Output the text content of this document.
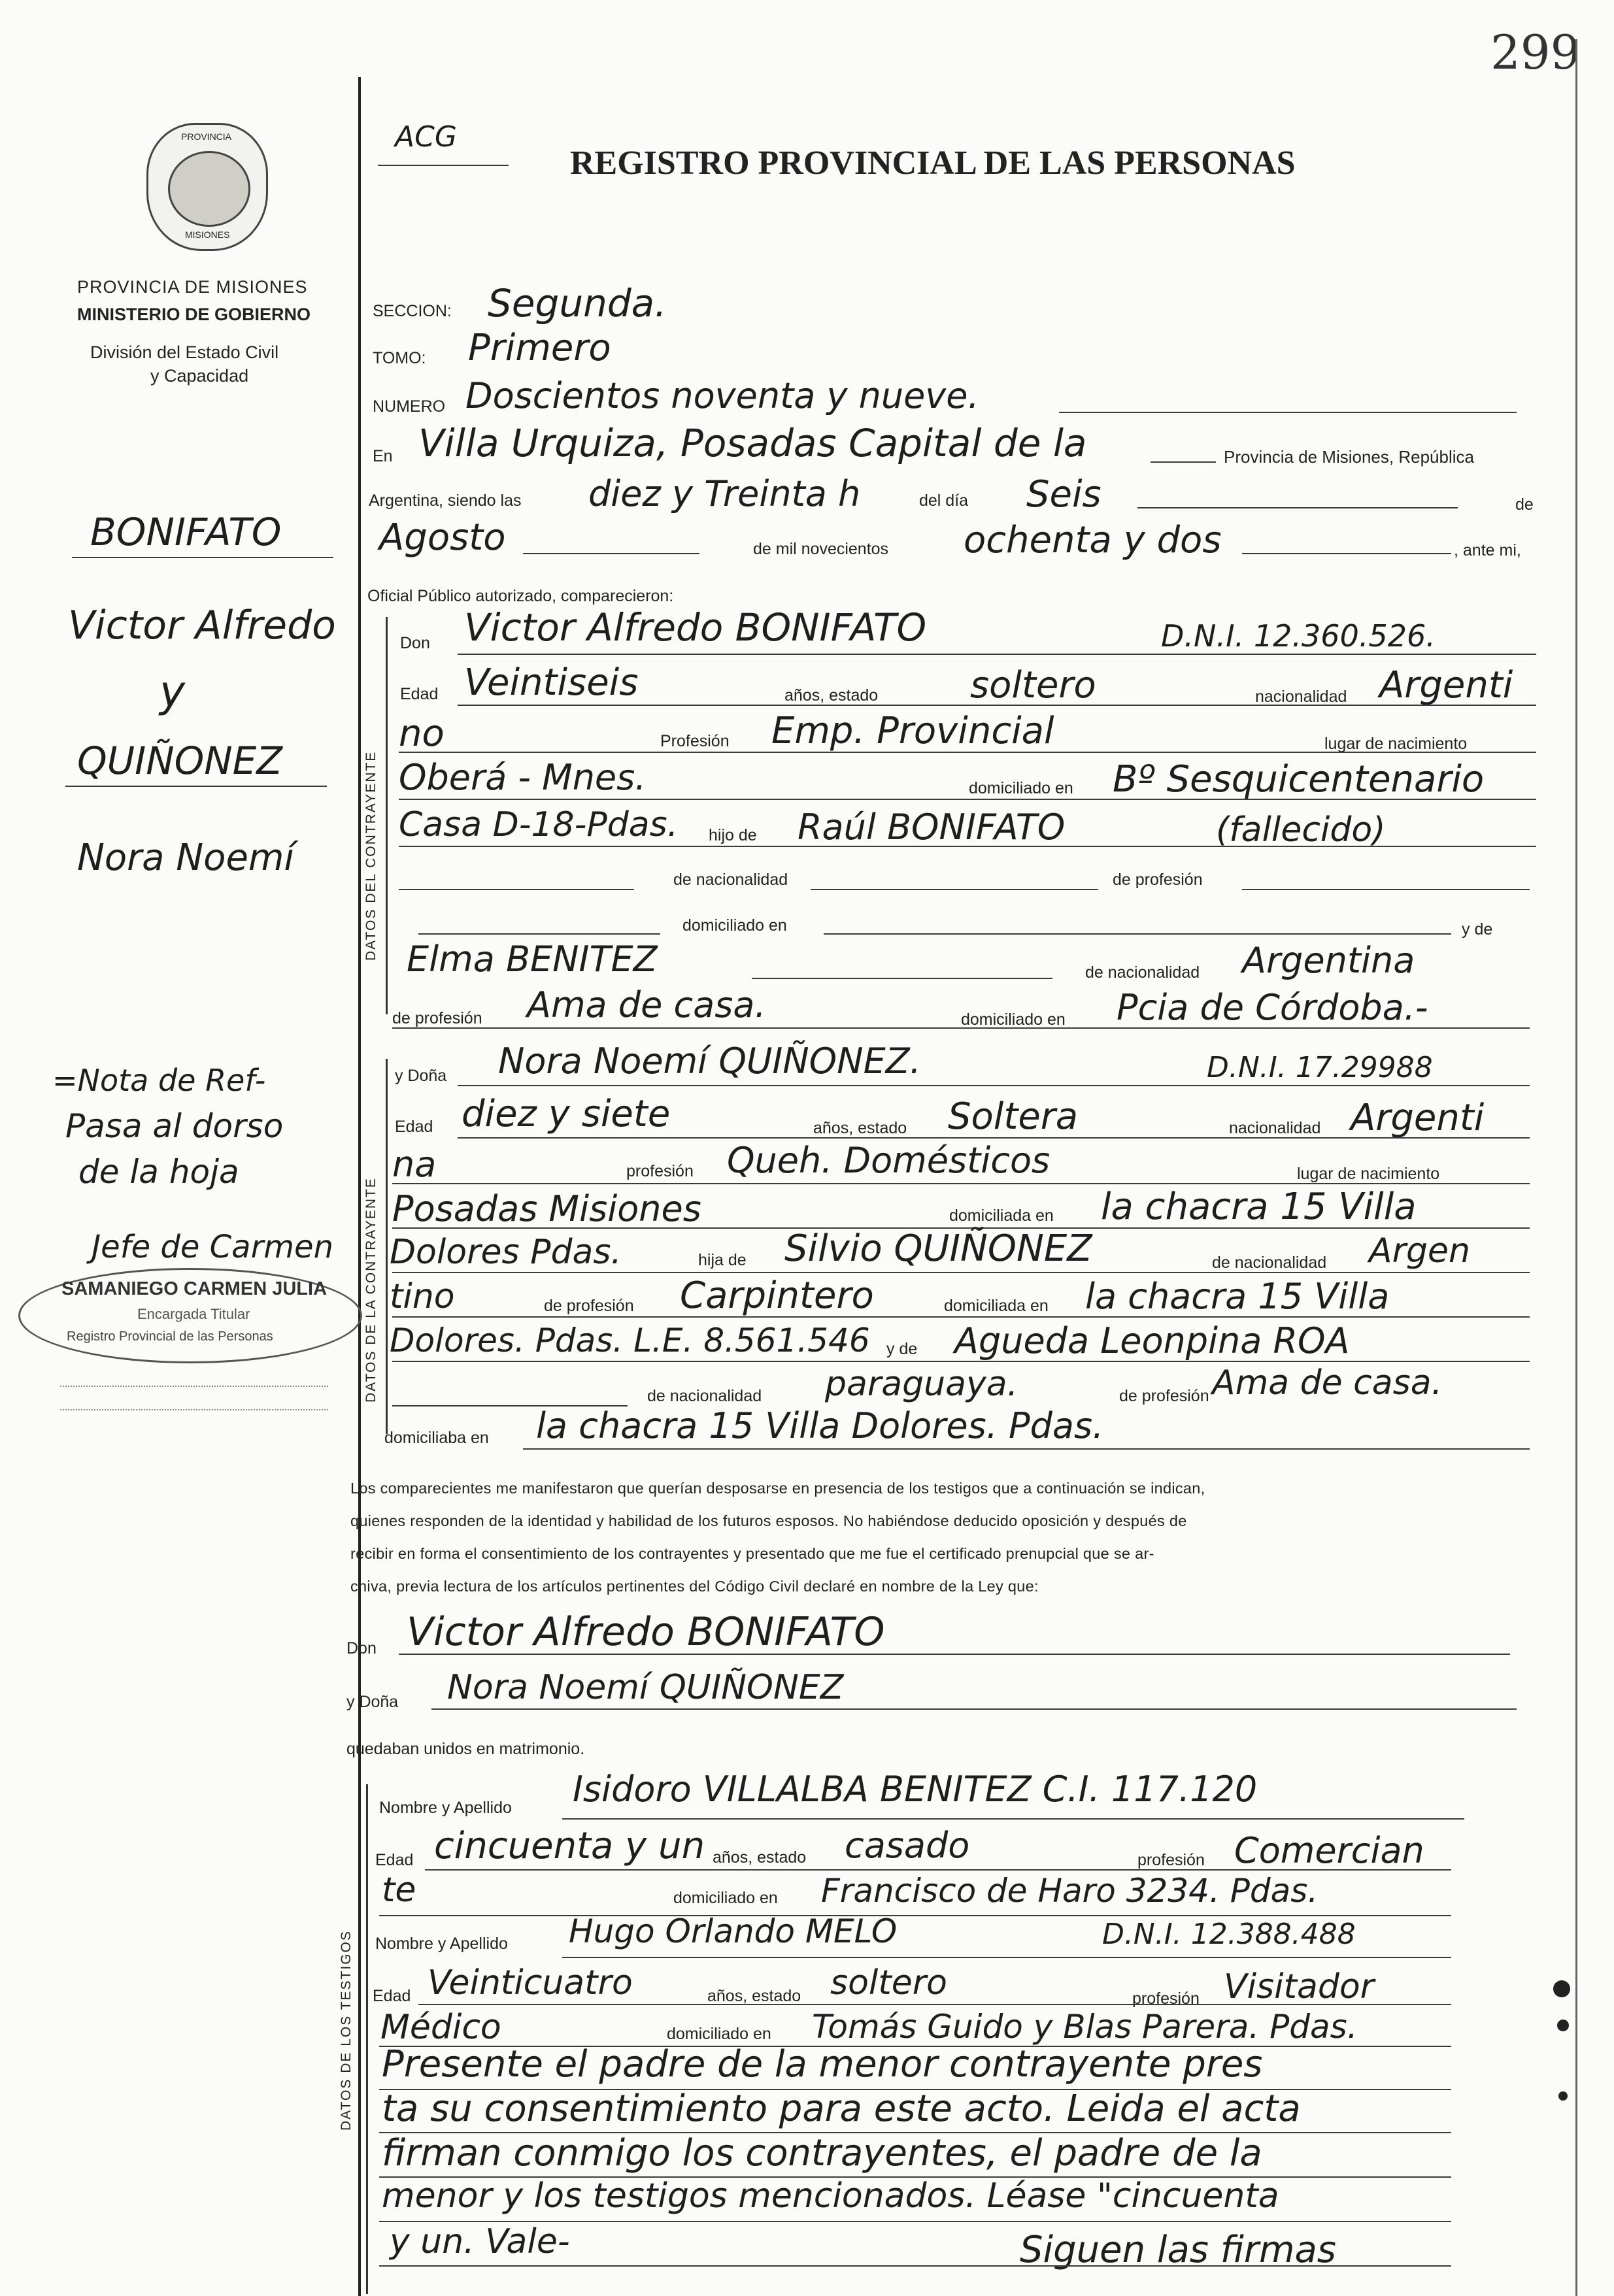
299
ACG
REGISTRO PROVINCIAL DE LAS PERSONAS
PROVINCIA
MISIONES
PROVINCIA DE MISIONES
MINISTERIO DE GOBIERNO
División del Estado Civil
y Capacidad
BONIFATO
Victor Alfredo
y
QUIÑONEZ
Nora Noemí
=Nota de Ref-
Pasa al dorso
de la hoja
Jefe de Carmen
SAMANIEGO CARMEN JULIA
Encargada Titular
Registro Provincial de las Personas
SECCION: Segunda.
TOMO: Primero
NUMERO Doscientos noventa y nueve.
En Villa Urquiza, Posadas Capital de la	Provincia de Misiones, República
Argentina, siendo las diez y Treinta h	del día Seis	de
Agosto	de mil novecientos ochenta y dos	, ante mi,
Oficial Público autorizado, comparecieron:
DATOS DEL CONTRAYENTE
Don Victor Alfredo BONIFATO	D.N.I. 12.360.526.
Edad Veintiseis	años, estado	soltero	nacionalidad Argenti
no	Profesión Emp. Provincial	lugar de nacimiento
Oberá - Mnes.	domiciliado en Bº Sesquicentenario
Casa D-18-Pdas. hijo de Raúl BONIFATO	(fallecido)
de nacionalidad	de profesión
domiciliado en	y de
Elma BENITEZ	de nacionalidad Argentina
de profesión Ama de casa.	domiciliado en Pcia de Córdoba.-
DATOS DE LA CONTRAYENTE
y Doña Nora Noemí QUIÑONEZ.	D.N.I. 17.29988
Edad diez y siete	años, estado Soltera	nacionalidad Argenti
na	profesión Queh. Domésticos	lugar de nacimiento
Posadas Misiones	domiciliada en la chacra 15 Villa
Dolores Pdas.	hija de Silvio QUIÑONEZ	de nacionalidad Argen
tino	de profesión Carpintero	domiciliada en la chacra 15 Villa
Dolores. Pdas. L.E. 8.561.546 y de Agueda Leonpina ROA
de nacionalidad paraguaya.	de profesión Ama de casa.
domiciliaba en la chacra 15 Villa Dolores. Pdas.
Los comparecientes me manifestaron que querían desposarse en presencia de los testigos que a continuación se indican,
quienes responden de la identidad y habilidad de los futuros esposos. No habiéndose deducido oposición y después de
recibir en forma el consentimiento de los contrayentes y presentado que me fue el certificado prenupcial que se ar-
chiva, previa lectura de los artículos pertinentes del Código Civil declaré en nombre de la Ley que:
Don Victor Alfredo BONIFATO
y Doña Nora Noemí QUIÑONEZ
quedaban unidos en matrimonio.
DATOS DE LOS TESTIGOS
Nombre y Apellido Isidoro VILLALBA BENITEZ C.I. 117.120
Edad cincuenta y un años, estado casado	profesión Comercian
te	domiciliado en Francisco de Haro 3234. Pdas.
Nombre y Apellido Hugo Orlando MELO	D.N.I. 12.388.488
Edad Veinticuatro	años, estado soltero	profesión Visitador
Médico	domiciliado en Tomás Guido y Blas Parera. Pdas.
Presente el padre de la menor contrayente pres
ta su consentimiento para este acto. Leida el acta
firman conmigo los contrayentes, el padre de la
menor y los testigos mencionados. Léase "cincuenta
y un. Vale-	Siguen las firmas
